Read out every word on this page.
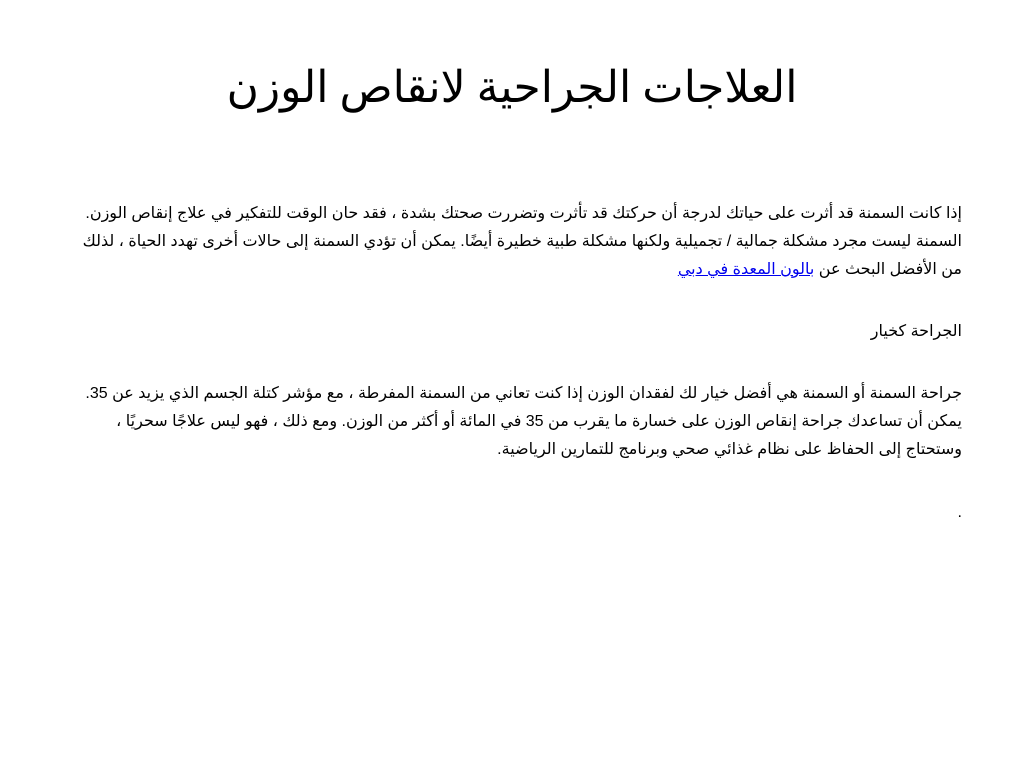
العلاجات الجراحية لانقاص الوزن

إذا كانت السمنة قد أثرت على حياتك لدرجة أن حركتك قد تأثرت وتضررت صحتك بشدة ، فقد حان الوقت للتفكير في علاج إنقاص الوزن. السمنة ليست مجرد مشكلة جمالية / تجميلية ولكنها مشكلة طبية خطيرة أيضًا. يمكن أن تؤدي السمنة إلى حالات أخرى تهدد الحياة ، لذلك من الأفضل البحث عن بالون المعدة في دبي

الجراحة كخيار

جراحة السمنة أو السمنة هي أفضل خيار لك لفقدان الوزن إذا كنت تعاني من السمنة المفرطة ، مع مؤشر كتلة الجسم الذي يزيد عن 35. يمكن أن تساعدك جراحة إنقاص الوزن على خسارة ما يقرب من 35 في المائة أو أكثر من الوزن. ومع ذلك ، فهو ليس علاجًا سحريًا ، وستحتاج إلى الحفاظ على نظام غذائي صحي وبرنامج للتمارين الرياضية.

.
